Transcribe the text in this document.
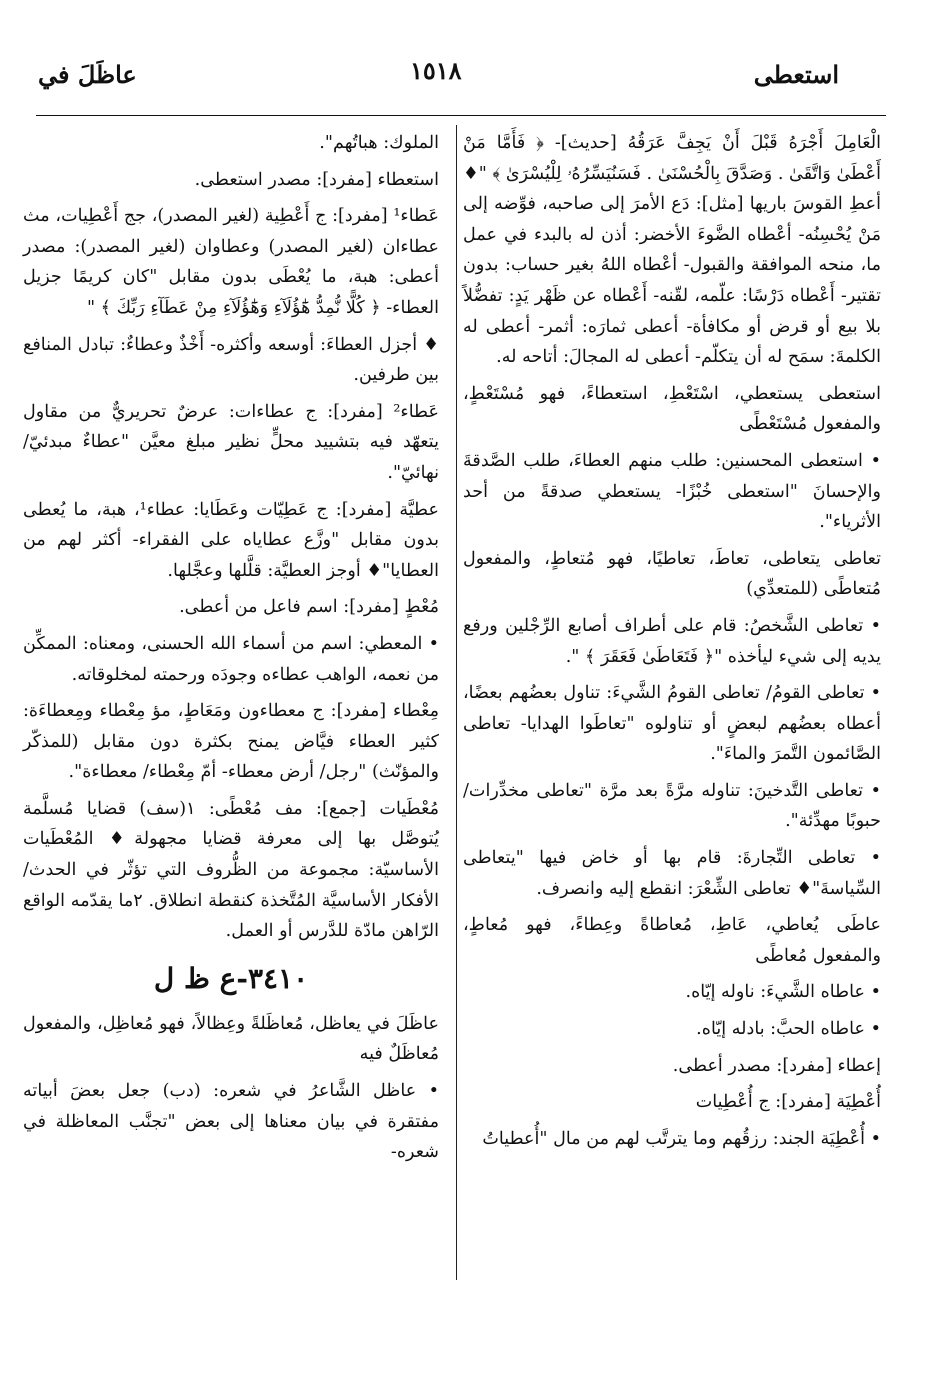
استعطى
١٥١٨
عاظَلَ في

الْعَامِلَ أَجْرَهُ قَبْلَ أَنْ يَجِفَّ عَرَقُهُ [حديث]- ﴿ فَأَمَّا مَنْ أَعْطَىٰ وَاتَّقَىٰ . وَصَدَّقَ بِالْحُسْنَىٰ . فَسَنُيَسِّرُهُۥ لِلْيُسْرَىٰ ﴾ "♦ أعطِ القوسَ باريها [مثل]: دَع الأمرَ إلى صاحبه، فوِّضه إلى مَنْ يُحْسِنُه- أعْطاه الضَّوءَ الأخضر: أذن له بالبدء في عمل ما، منحه الموافقة والقبول- أعْطاه اللهُ بغير حساب: بدون تقتير- أَعْطاه دَرْسًا: علّمه، لقّنه- أَعْطاه عن ظَهْر يَدٍ: تفضُّلاً بلا بيع أو قرض أو مكافأة- أعطى ثمارَه: أثمر- أعطى له الكلمةَ: سمَح له أن يتكلّم- أعطى له المجالَ: أتاحه له.

استعطى يستعطي، اسْتَعْطِ، استعطاءً، فهو مُسْتَعْطٍ، والمفعول مُسْتَعْطًى

• استعطى المحسنين: طلب منهم العطاءَ، طلب الصَّدقةَ والإحسانَ "استعطى خُبْزًا- يستعطي صدقةً من أحد الأثرياء".

تعاطى يتعاطى، تعاطَ، تعاطيًا، فهو مُتعاطٍ، والمفعول مُتعاطًى (للمتعدِّي)

• تعاطى الشَّخصُ: قام على أطراف أصابع الرِّجْلين ورفع يديه إلى شيء ليأخذه "﴿ فَتَعَاطَىٰ فَعَقَرَ ﴾ ".

• تعاطى القومُ/ تعاطى القومُ الشَّيءَ: تناول بعضُهم بعضًا، أعطاه بعضُهم لبعضٍ أو تناولوه "تعاطَوا الهدايا- تعاطى الصَّائمون التَّمرَ والماءَ".

• تعاطى التَّدخينَ: تناوله مرَّةً بعد مرَّة "تعاطى مخدِّرات/ حبوبًا مهدِّئة".

• تعاطى التِّجارةَ: قام بها أو خاض فيها "يتعاطى السِّياسةَ"♦ تعاطى الشِّعْرَ: انقطع إليه وانصرف.

عاطَى يُعاطي، عَاطِ، مُعاطاةً وعِطاءً، فهو مُعاطٍ، والمفعول مُعاطًى

• عاطاه الشَّيءَ: ناوله إيّاه.

• عاطاه الحبَّ: بادله إيّاه.

إعطاء [مفرد]: مصدر أعطى.

أُعْطِيَة [مفرد]: ج أُعْطِيات

• أُعْطِيَة الجند: رزقُهم وما يترتَّب لهم من مال "أُعطياتُ

الملوك: هباتُهم".

استعطاء [مفرد]: مصدر استعطى.

عَطاء¹ [مفرد]: ج أَعْطِية (لغير المصدر)، جج أَعْطِيات، مث عطاءان (لغير المصدر) وعطاوان (لغير المصدر): مصدر أعطى: هبة، ما يُعْطَى بدون مقابل "كان كريمًا جزيل العطاء- ﴿ كُلًّا نُّمِدُّ هَٰٓؤُلَآءِ وَهَٰٓؤُلَآءِ مِنْ عَطَآءِ رَبِّكَ ﴾ "

♦ أجزل العطاءَ: أوسعه وأكثره- أَخْذٌ وعطاءٌ: تبادل المنافع بين طرفين.

عَطاء² [مفرد]: ج عطاءات: عرضٌ تحريريٌّ من مقاول يتعهّد فيه بتشييد محلٍّ نظير مبلغ معيَّن "عطاءٌ مبدئيّ/ نهائيّ".

عطيَّة [مفرد]: ج عَطِيّات وعَطَايا: عطاء¹، هبة، ما يُعطى بدون مقابل "وزَّع عطاياه على الفقراء- أكثر لهم من العطايا"♦ أوجز العطيَّة: قلَّلها وعجَّلها.

مُعْطٍ [مفرد]: اسم فاعل من أعطى.

• المعطي: اسم من أسماء الله الحسنى، ومعناه: الممكِّن من نعمه، الواهب عطاءه وجودَه ورحمته لمخلوقاته.

مِعْطاء [مفرد]: ج معطاءون ومَعَاطٍ، مؤ مِعْطاء ومِعطاءَة: كثير العطاء فيَّاض يمنح بكثرة دون مقابل (للمذكّر والمؤنّث) "رجل/ أرض معطاء- أمّ مِعْطاء/ معطاءة".

مُعْطَيات [جمع]: مف مُعْطًى: ١(سف) قضايا مُسلَّمة يُتوصَّل بها إلى معرفة قضايا مجهولة♦ المُعْطَيات الأساسيّة: مجموعة من الظُّروف التي تؤثّر في الحدث/ الأفكار الأساسيَّة المُتَّخذة كنقطة انطلاق. ٢ما يقدّمه الواقع الرّاهن مادّة للدَّرس أو العمل.

٣٤١٠-ع ظ ل

عاظَلَ في يعاظل، مُعاظَلةً وعِظالاً، فهو مُعاظِل، والمفعول مُعاظَلٌ فيه

• عاظل الشَّاعرُ في شعره: (دب) جعل بعضَ أبياته مفتقرة في بيان معناها إلى بعض "تجنَّب المعاظلة في شعره-
